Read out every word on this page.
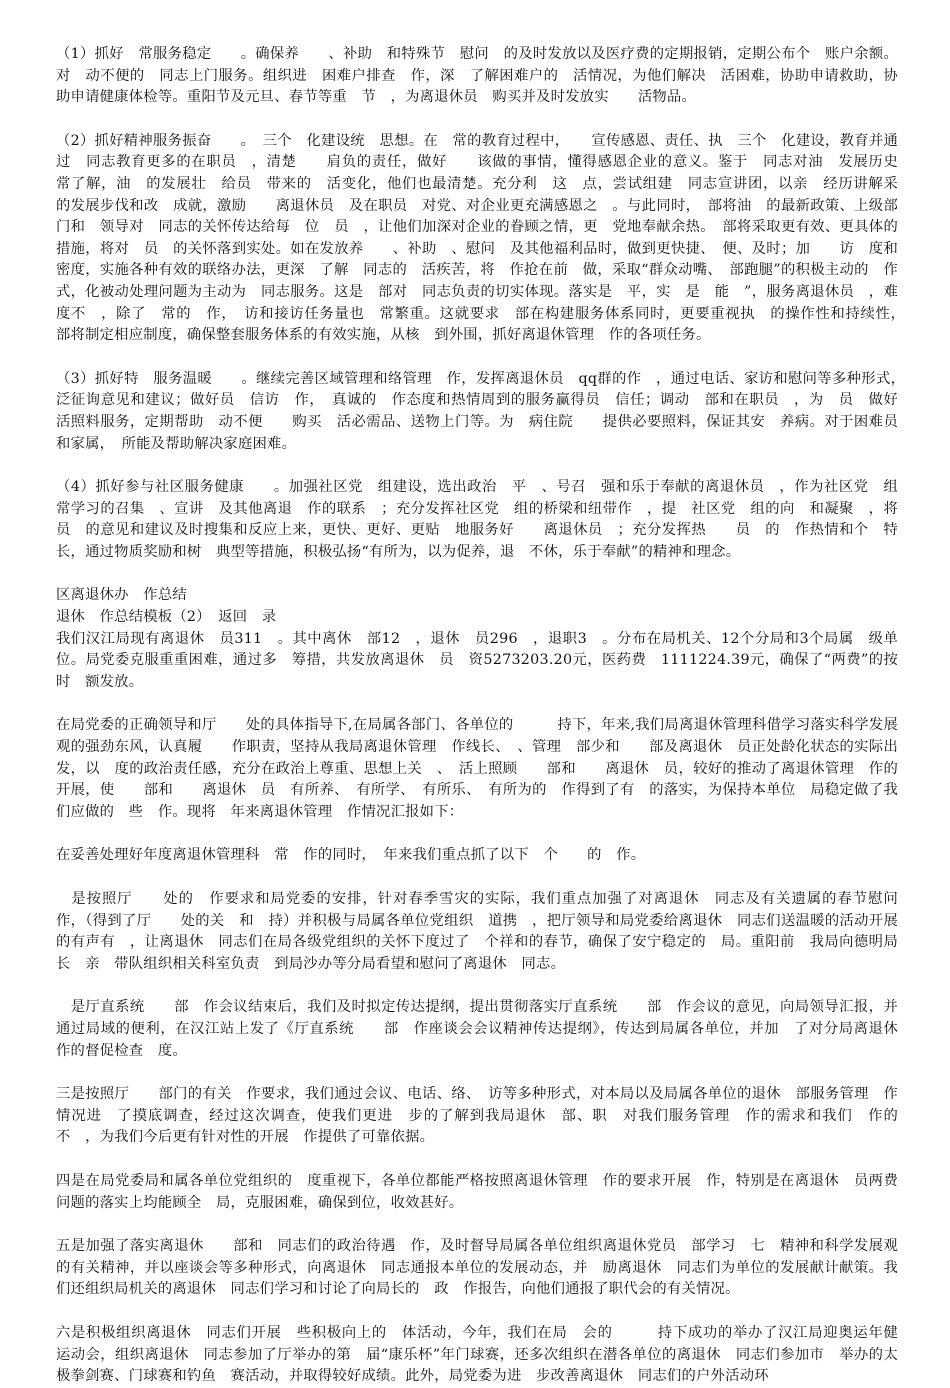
（1）抓好　常服务稳定　　。确保养　　、补助　和特殊节　慰问　的及时发放以及医疗费的定期报销，定期公布个　账户余额。对　动不便的　同志上门服务。组织进　困难户排查　作，深　了解困难户的　活情况，为他们解决　活困难，协助申请救助，协助申请健康体检等。重阳节及元旦、春节等重　节　，为离退休员　购买并及时发放实　　活物品。

（2）抓好精神服务振奋　　。　三个　化建设统　思想。在　常的教育过程中，　　宣传感恩、责任、执　三个　化建设，教育并通过　同志教育更多的在职员　，清楚　　肩负的责任，做好　　该做的事情，懂得感恩企业的意义。鉴于　同志对油　发展历史　常了解，油　的发展壮　给员　带来的　活变化，他们也最清楚。充分利　这　点，尝试组建　同志宣讲团，以亲　经历讲解采　　的发展步伐和改　成就，激励　　离退休员　及在职员　对党、对企业更充满感恩之　。与此同时，　部将油　的最新政策、上级部门和　领导对　同志的关怀传达给每　位　员　，让他们加深对企业的眷顾之情，更　党地奉献余热。　部将采取更有效、更具体的措施，将对　员　的关怀落到实处。如在发放养　　、补助　、慰问　及其他福利品时，做到更快捷、　便、及时；加　　访　度和密度，实施各种有效的联络办法，更深　了解　同志的　活疾苦，将　作抢在前　做，采取“群众动嘴、　部跑腿”的积极主动的　作　式，化被动处理问题为主动为　同志服务。这是　部对　同志负责的切实体现。落实是　平，实　是　能　”，服务离退休员　，难度不　，除了　常的　作，　访和接访任务量也　常繁重。这就要求　部在构建服务体系同时，更要重视执　的操作性和持续性，　　部将制定相应制度，确保整套服务体系的有效实施，从核　到外围，抓好离退休管理　作的各项任务。

（3）抓好特　服务温暖　　。继续完善区域管理和络管理　作，发挥离退休员　qq群的作　，通过电话、家访和慰问等多种形式，　泛征询意见和建议；做好员　信访　作，　真诚的　作态度和热情周到的服务赢得员　信任；调动　部和在职员　，为　员　做好　活照料服务，定期帮助　动不便　　购买　活必需品、送物上门等。为　病住院　　提供必要照料，保证其安　养病。对于困难员　和家属，　所能及帮助解决家庭困难。

（4）抓好参与社区服务健康　　。加强社区党　组建设，选出政治　平　、号召　强和乐于奉献的离退休员　，作为社区党　组　常学习的召集　、宣讲　及其他离退　作的联系　；充分发挥社区党　组的桥梁和纽带作　，提　社区党　组的向　和凝聚　，将员　的意见和建议及时搜集和反应上来，更快、更好、更贴　地服务好　　离退休员　；充分发挥热　　员　的　作热情和个　特长，通过物质奖励和树　典型等措施，积极弘扬“有所为，以为促养，退　不休，乐于奉献”的精神和理念。

区离退休办　作总结

退休　作总结模板（2）　返回　录

我们汉江局现有离退休　员311　。其中离休　部12　，退休　员296　，退职3　。分布在局机关、12个分局和3个局属　级单位。局党委克服重重困难，通过多　筹措，共发放离退休　员　资5273203.20元，医药费　1111224.39元，确保了“两费”的按时　额发放。

在局党委的正确领导和厅　　处的具体指导下,在局属各部门、各单位的　　　持下，年来,我们局离退休管理科借学习落实科学发展观的强劲东风，认真履　　作职责，坚持从我局离退休管理　作线长、　、管理　部少和　　部及离退休　员正处龄化状态的实际出发，以　度的政治责任感，充分在政治上尊重、思想上关　、　活上照顾　　部和　　离退休　员，较好的推动了离退休管理　作的开展，使　　部和　　离退休　员　有所养、　有所学、　有所乐、　有所为的　作得到了有　的落实，为保持本单位　局稳定做了我们应做的　些　作。现将　年来离退休管理　作情况汇报如下：

在妥善处理好年度离退休管理科　常　作的同时，　年来我们重点抓了以下　个　　的　作。

　是按照厅　　处的　作要求和局党委的安排，针对春季雪灾的实际，我们重点加强了对离退休　同志及有关遗属的春节慰问　作，（得到了厅　　处的关　和　持）并积极与局属各单位党组织　道携　，把厅领导和局党委给离退休　同志们送温暖的活动开展的有声有　，让离退休　同志们在局各级党组织的关怀下度过了　个祥和的春节，确保了安宁稳定的　局。重阳前　我局向德明局长　亲　带队组织相关科室负责　到局沙办等分局看望和慰问了离退休　同志。

　是厅直系统　　部　作会议结束后，我们及时拟定传达提纲，提出贯彻落实厅直系统　　部　作会议的意见，向局领导汇报，并通过局域的便利，在汉江站上发了《厅直系统　　部　作座谈会会议精神传达提纲》，传达到局属各单位，并加　了对分局离退休　作的督促检查　度。

三是按照厅　　部门的有关　作要求，我们通过会议、电话、络、　访等多种形式，对本局以及局属各单位的退休　部服务管理　作情况进　了摸底调查，经过这次调查，使我们更进　步的了解到我局退休　部、职　对我们服务管理　作的需求和我们　作的不　，为我们今后更有针对性的开展　作提供了可靠依据。

四是在局党委局和属各单位党组织的　度重视下，各单位都能严格按照离退休管理　作的要求开展　作，特别是在离退休　员两费问题的落实上均能顾全　局，克服困难，确保到位，收效甚好。

五是加强了落实离退休　　部和　同志们的政治待遇　作，及时督导局属各单位组织离退休党员　部学习　七　精神和科学发展观的有关精神，并以座谈会等多种形式，向离退休　同志通报本单位的发展动态，并　励离退休　同志们为单位的发展献计献策。我们还组织局机关的离退休　同志们学习和讨论了向局长的　政　作报告，向他们通报了职代会的有关情况。

六是积极组织离退休　同志们开展　些积极向上的　体活动，今年，我们在局　会的　　　持下成功的举办了汉江局迎奥运年健　运动会，组织离退休　同志参加了厅举办的第　届“康乐杯”年门球赛，还多次组织在潜各单位的离退休　同志们参加市　举办的太极拳剑赛、门球赛和钓鱼　赛活动，并取得较好成绩。此外，局党委为进　步改善离退休　同志们的户外活动环
